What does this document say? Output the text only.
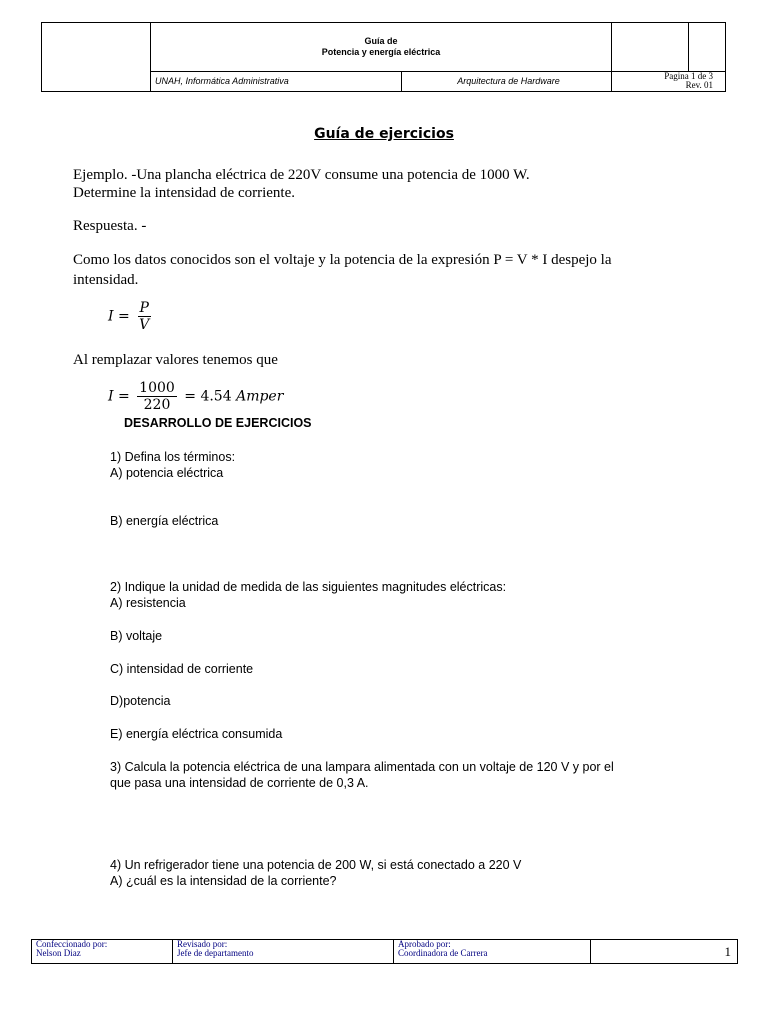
	Guía de
Potencia y energía eléctrica			

	UNAH, Informática Administrativa	Arquitectura de Hardware	Pagina 1 de 3
Rev. 01	
Guía de ejercicios
Ejemplo. -Una plancha eléctrica de 220V consume una potencia de 1000 W.
Determine la intensidad de corriente.
Respuesta. -
Como los datos conocidos son el voltaje y la potencia de la expresión P = V * I despejo la
intensidad.
$I = \frac{P}{V}$
Al remplazar valores tenemos que
$I = \frac{1000}{220} = 4.54$ Amper
DESARROLLO DE EJERCICIOS
1) Defina los términos:
A) potencia eléctrica
B) energía eléctrica
2) Indique la unidad de medida de las siguientes magnitudes eléctricas:
A) resistencia
B) voltaje
C) intensidad de corriente
D)potencia
E) energía eléctrica consumida
3) Calcula la potencia eléctrica de una lampara alimentada con un voltaje de 120 V y por el
que pasa una intensidad de corriente de 0,3 A.
4) Un refrigerador tiene una potencia de 200 W, si está conectado a 220 V
A) ¿cuál es la intensidad de la corriente?
Confeccionado por:
Nelson Diaz

Revisado por:
Jefe de departamento

Aprobado por:
Coordinadora de Carrera	1
